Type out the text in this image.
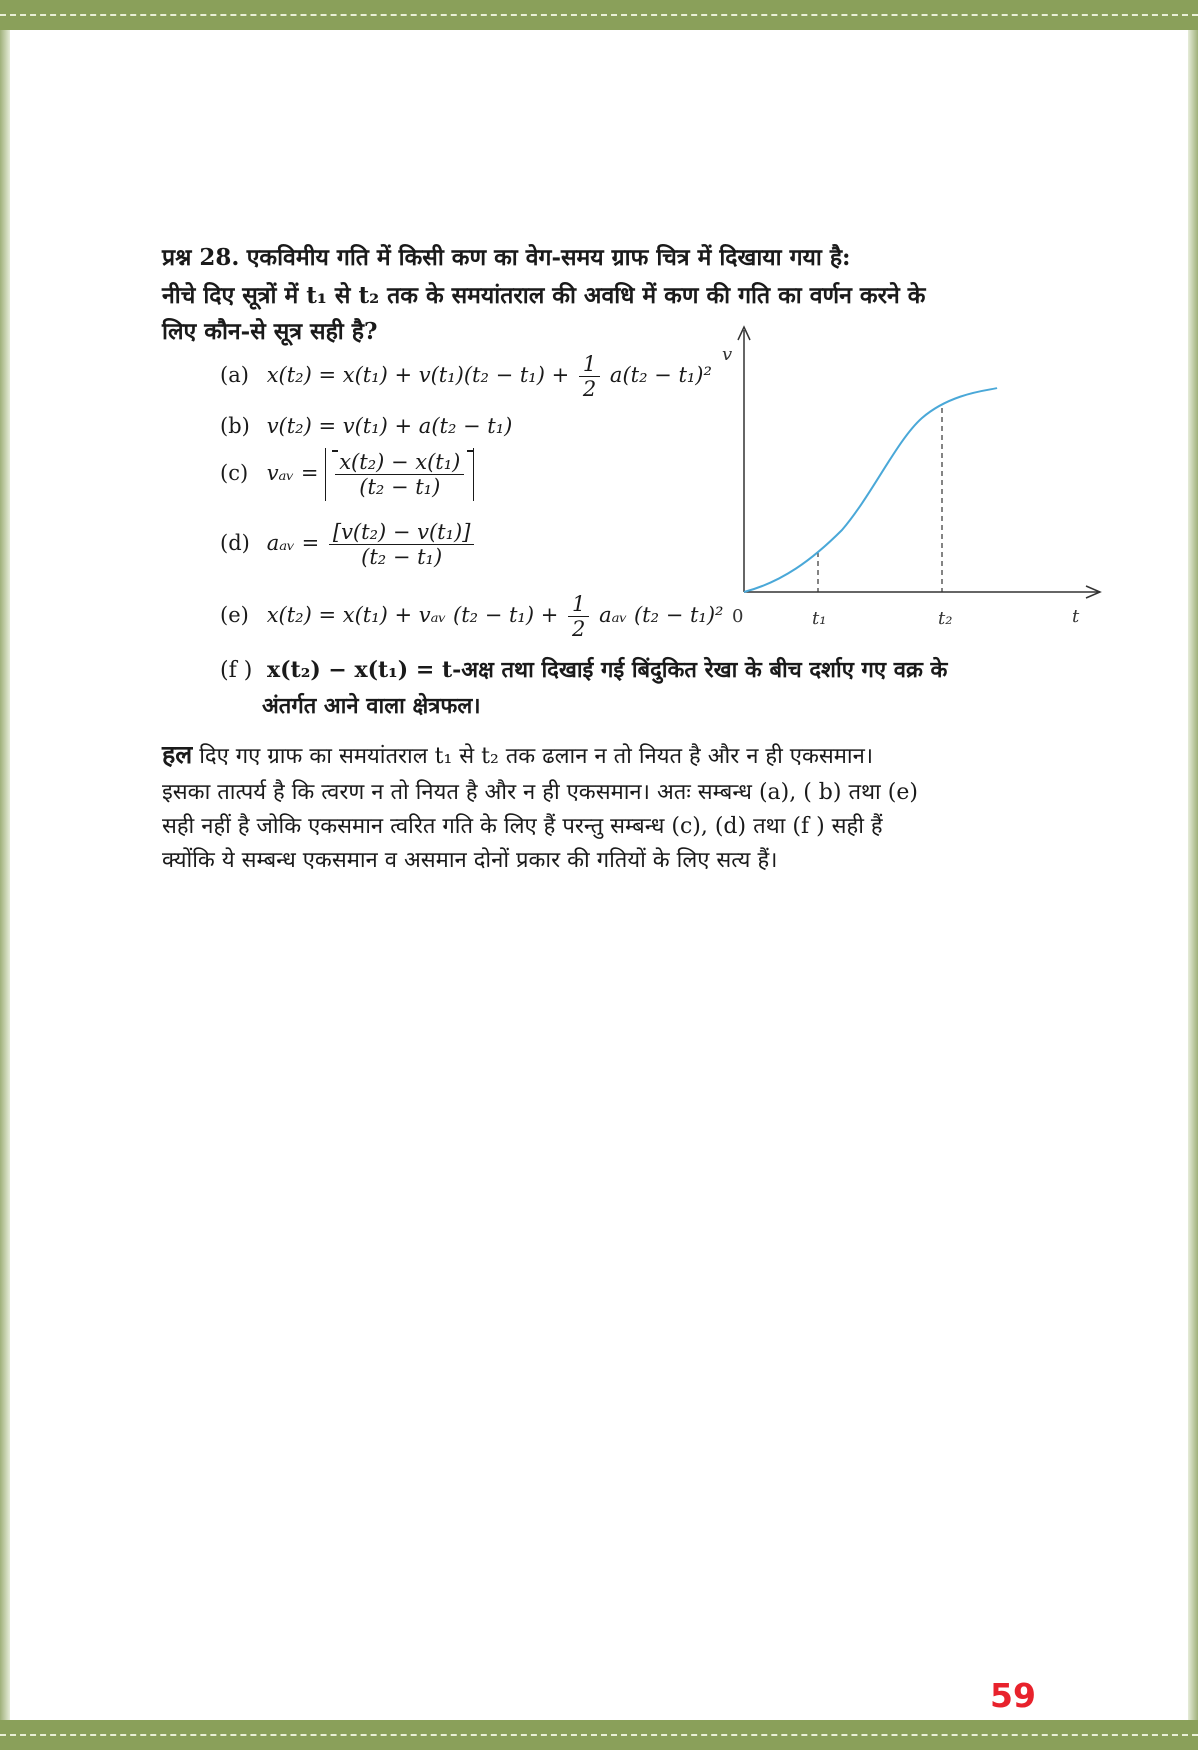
प्रश्न 28. एकविमीय गति में किसी कण का वेग-समय ग्राफ चित्र में दिखाया गया है:
नीचे दिए सूत्रों में t₁ से t₂ तक के समयांतराल की अवधि में कण की गति का वर्णन करने के
लिए कौन-से सूत्र सही है?
(a) $x(t_2) = x(t_1) + v(t_1)(t_2 - t_1) + \frac{1}{2} a(t_2 - t_1)^2$
(b) v(t₂) = v(t₁) + a(t₂ − t₁)
(c) vₐᵥ = $\frac{\text{x(t₂) − x(t₁)}}{\text{(t₂ − t₁)}}$
(d) aₐᵥ = $\frac{\text{[v(t₂) − v(t₁)]}}{\text{(t₂ − t₁)}}$
(e) x(t₂) = x(t₁) + vₐᵥ $(t_2 - t_1) + \frac{1}{2}$ aₐᵥ (t₂ − t₁)²
(f ) x(t₂) − x(t₁) = t-अक्ष तथा दिखाई गई बिंदुकित रेखा के बीच दर्शाए गए वक्र के
अंतर्गत आने वाला क्षेत्रफल।
v
t
0	t₁	t₂
हल दिए गए ग्राफ का समयांतराल t₁ से t₂ तक ढलान न तो नियत है और न ही एकसमान।
इसका तात्पर्य है कि त्वरण न तो नियत है और न ही एकसमान। अतः सम्बन्ध (a), ( b) तथा (e)
सही नहीं है जोकि एकसमान त्वरित गति के लिए हैं परन्तु सम्बन्ध (c), (d) तथा (f ) सही हैं
क्योंकि ये सम्बन्ध एकसमान व असमान दोनों प्रकार की गतियों के लिए सत्य हैं।
59
